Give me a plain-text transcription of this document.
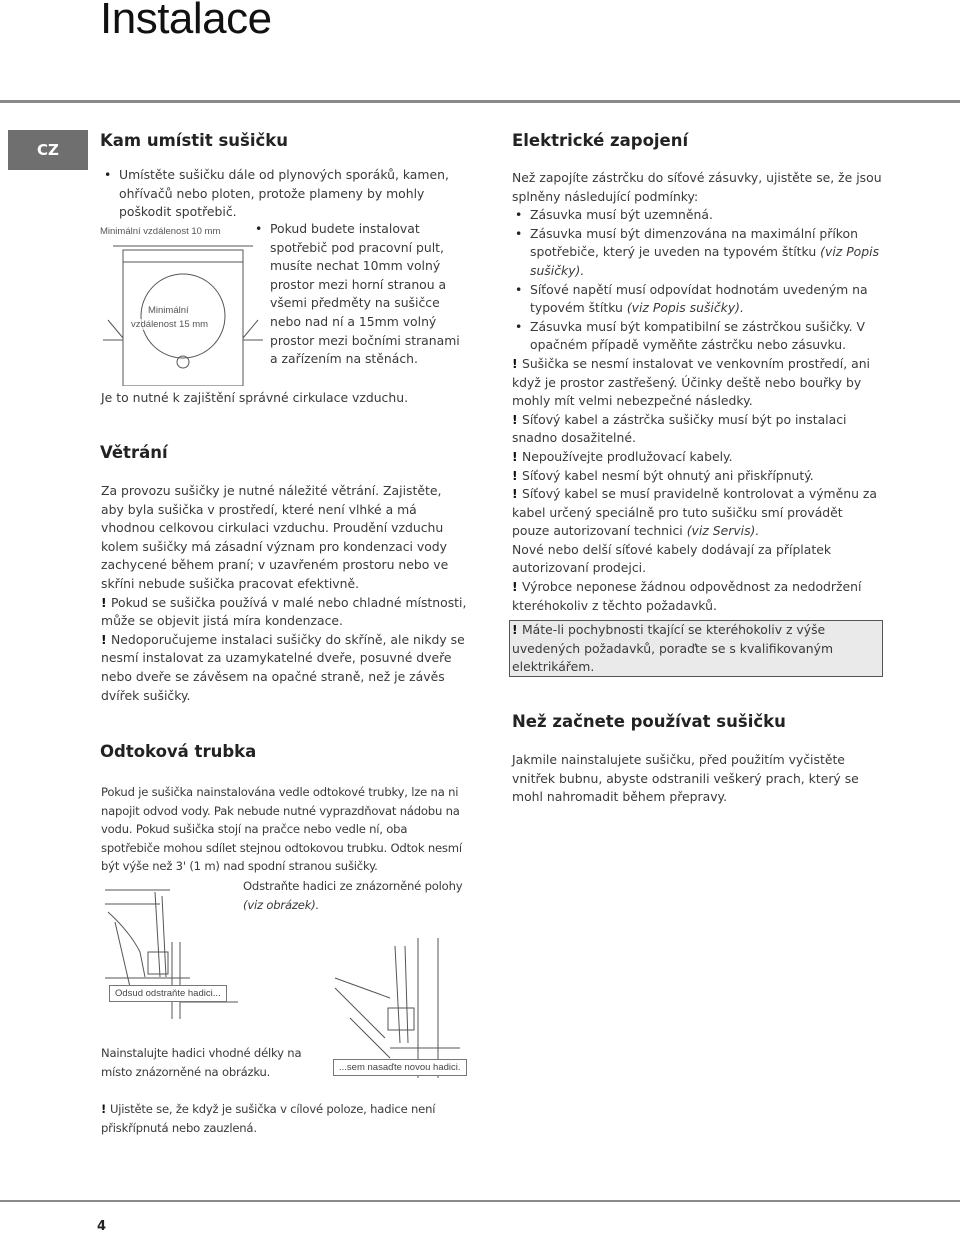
Instalace
CZ	Kam umístit sušičku
• Umístěte sušičku dále od plynových sporáků, kamen, ohřívačů nebo ploten, protože plameny by mohly poškodit spotřebič.
Minimální vzdálenost 10 mm
Minimální
vzdálenost 15 mm
• Pokud budete instalovat spotřebič pod pracovní pult, musíte nechat 10mm volný prostor mezi horní stranou a všemi předměty na sušičce nebo nad ní a 15mm volný prostor mezi bočními stranami a zařízením na stěnách.
Je to nutné k zajištění správné cirkulace vzduchu.
Větrání
Za provozu sušičky je nutné náležité větrání. Zajistěte, aby byla sušička v prostředí, které není vlhké a má vhodnou celkovou cirkulaci vzduchu. Proudění vzduchu kolem sušičky má zásadní význam pro kondenzaci vody zachycené během praní; v uzavřeném prostoru nebo ve skříni nebude sušička pracovat efektivně.
! Pokud se sušička používá v malé nebo chladné místnosti, může se objevit jistá míra kondenzace.
! Nedoporučujeme instalaci sušičky do skříně, ale nikdy se nesmí instalovat za uzamykatelné dveře, posuvné dveře nebo dveře se závěsem na opačné straně, než je závěs dvířek sušičky.
Odtoková trubka
Pokud je sušička nainstalována vedle odtokové trubky, lze na ni napojit odvod vody. Pak nebude nutné vyprazdňovat nádobu na vodu. Pokud sušička stojí na pračce nebo vedle ní, oba spotřebiče mohou sdílet stejnou odtokovou trubku. Odtok nesmí být výše než 3' (1 m) nad spodní stranou sušičky.
Odstraňte hadici ze znázorněné polohy (viz obrázek).
Odsud odstraňte hadici...
...sem nasaďte novou hadici.
Nainstalujte hadici vhodné délky na místo znázorněné na obrázku.
! Ujistěte se, že když je sušička v cílové poloze, hadice není přiskřípnutá nebo zauzlená.
Elektrické zapojení
Než zapojíte zástrčku do síťové zásuvky, ujistěte se, že jsou splněny následující podmínky:
• Zásuvka musí být uzemněná.
• Zásuvka musí být dimenzována na maximální příkon spotřebiče, který je uveden na typovém štítku (viz Popis sušičky).
• Síťové napětí musí odpovídat hodnotám uvedeným na typovém štítku (viz Popis sušičky).
• Zásuvka musí být kompatibilní se zástrčkou sušičky. V opačném případě vyměňte zástrčku nebo zásuvku.
! Sušička se nesmí instalovat ve venkovním prostředí, ani když je prostor zastřešený. Účinky deště nebo bouřky by mohly mít velmi nebezpečné následky.
! Síťový kabel a zástrčka sušičky musí být po instalaci snadno dosažitelné.
! Nepoužívejte prodlužovací kabely.
! Síťový kabel nesmí být ohnutý ani přiskřípnutý.
! Síťový kabel se musí pravidelně kontrolovat a výměnu za kabel určený speciálně pro tuto sušičku smí provádět pouze autorizovaní technici (viz Servis).
Nové nebo delší síťové kabely dodávají za příplatek autorizovaní prodejci.
! Výrobce neponese žádnou odpovědnost za nedodržení kteréhokoliv z těchto požadavků.
! Máte-li pochybnosti tkající se kteréhokoliv z výše uvedených požadavků, poraďte se s kvalifikovaným elektrikářem.
Než začnete používat sušičku
Jakmile nainstalujete sušičku, před použitím vyčistěte vnitřek bubnu, abyste odstranili veškerý prach, který se mohl nahromadit během přepravy.
4
